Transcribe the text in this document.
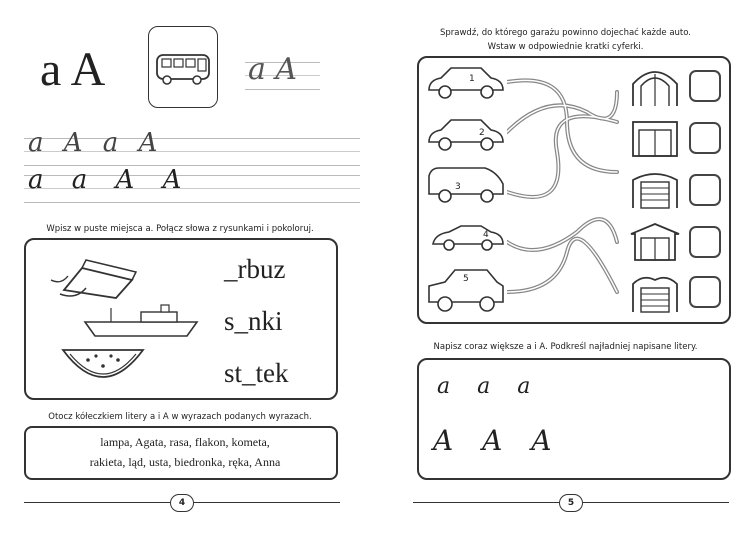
a A	a A
a A a A
a a A A
Wpisz w puste miejsca a. Połącz słowa z rysunkami i pokoloruj.
_rbuz
s_nki
st_tek
Otocz kółeczkiem litery a i A w wyrazach podanych wyrazach.
lampa, Agata, rasa, flakon, kometa,
rakieta, ląd, usta, biedronka, ręka, Anna
4
Sprawdź, do którego garażu powinno dojechać każde auto.
Wstaw w odpowiednie kratki cyferki.
1
2
3
4
5
Napisz coraz większe a i A. Podkreśl najładniej napisane litery.
a a a
A A A
5
